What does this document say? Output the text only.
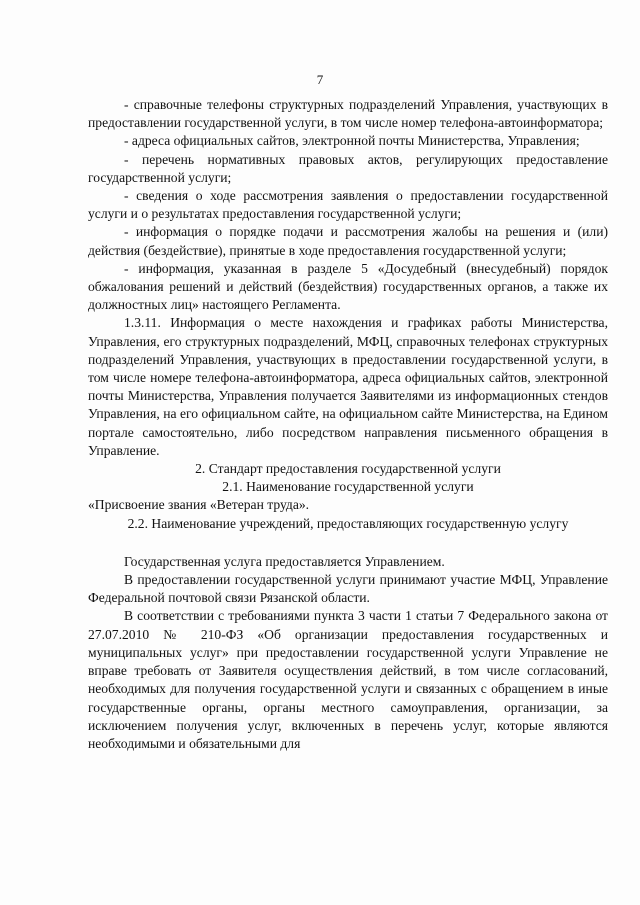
7

- справочные телефоны структурных подразделений Управления, участвующих в предоставлении государственной услуги, в том числе номер телефона-автоинформатора;

- адреса официальных сайтов, электронной почты Министерства, Управления;

- перечень нормативных правовых актов, регулирующих предоставление государственной услуги;

- сведения о ходе рассмотрения заявления о предоставлении государственной услуги и о результатах предоставления государственной услуги;

- информация о порядке подачи и рассмотрения жалобы на решения и (или) действия (бездействие), принятые в ходе предоставления государственной услуги;

- информация, указанная в разделе 5 «Досудебный (внесудебный) порядок обжалования решений и действий (бездействия) государственных органов, а также их должностных лиц» настоящего Регламента.

1.3.11. Информация о месте нахождения и графиках работы Министерства, Управления, его структурных подразделений, МФЦ, справочных телефонах структурных подразделений Управления, участвующих в предоставлении государственной услуги, в том числе номере телефона-автоинформатора, адреса официальных сайтов, электронной почты Министерства, Управления получается Заявителями из информационных стендов Управления, на его официальном сайте, на официальном сайте Министерства, на Едином портале самостоятельно, либо посредством направления письменного обращения в Управление.

2. Стандарт предоставления государственной услуги

2.1. Наименование государственной услуги

«Присвоение звания «Ветеран труда».

2.2. Наименование учреждений, предоставляющих государственную услугу

Государственная услуга предоставляется Управлением.

В предоставлении государственной услуги принимают участие МФЦ, Управление Федеральной почтовой связи Рязанской области.

В соответствии с требованиями пункта 3 части 1 статьи 7 Федерального закона от 27.07.2010 № 210-ФЗ «Об организации предоставления государственных и муниципальных услуг» при предоставлении государственной услуги Управление не вправе требовать от Заявителя осуществления действий, в том числе согласований, необходимых для получения государственной услуги и связанных с обращением в иные государственные органы, органы местного самоуправления, организации, за исключением получения услуг, включенных в перечень услуг, которые являются необходимыми и обязательными для
